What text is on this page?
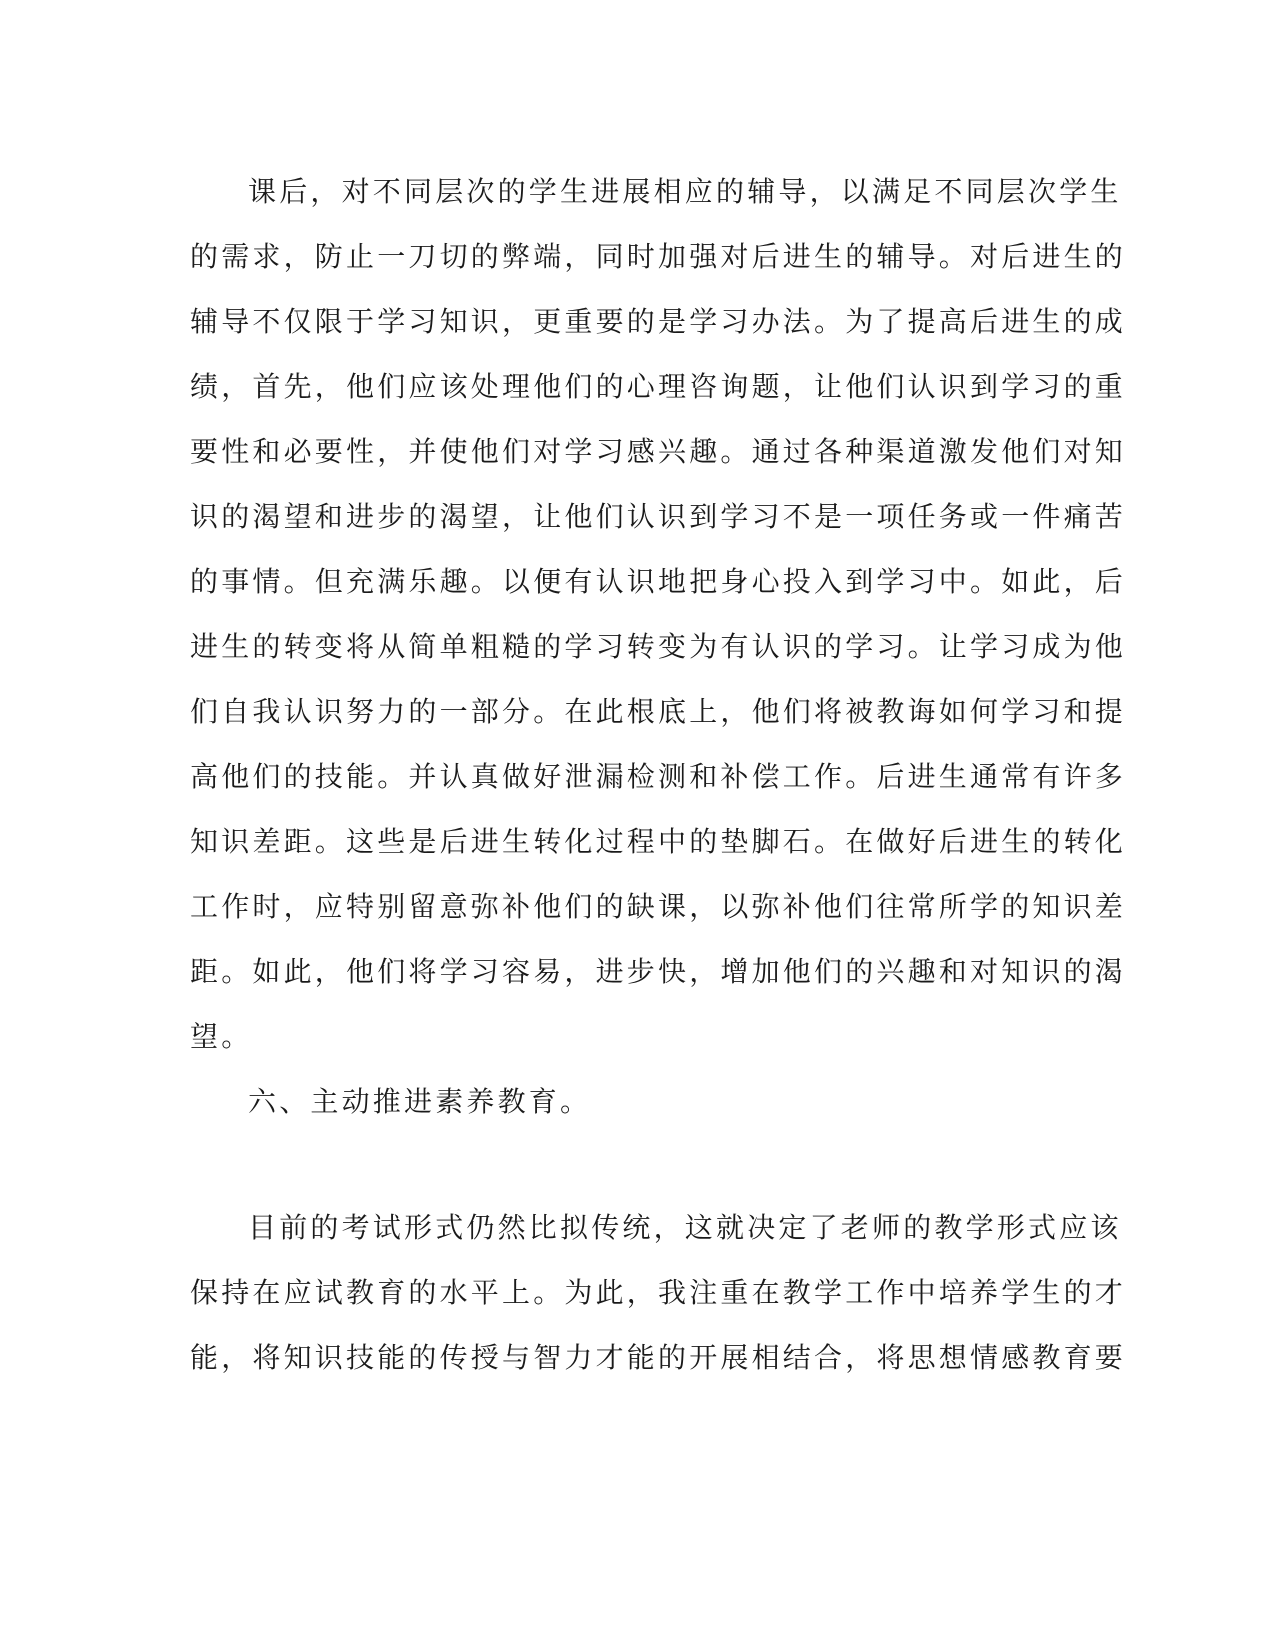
课后，对不同层次的学生进展相应的辅导，以满足不同层次学生
的需求，防止一刀切的弊端，同时加强对后进生的辅导。对后进生的
辅导不仅限于学习知识，更重要的是学习办法。为了提高后进生的成
绩，首先，他们应该处理他们的心理咨询题，让他们认识到学习的重
要性和必要性，并使他们对学习感兴趣。通过各种渠道激发他们对知
识的渴望和进步的渴望，让他们认识到学习不是一项任务或一件痛苦
的事情。但充满乐趣。以便有认识地把身心投入到学习中。如此，后
进生的转变将从简单粗糙的学习转变为有认识的学习。让学习成为他
们自我认识努力的一部分。在此根底上，他们将被教诲如何学习和提
高他们的技能。并认真做好泄漏检测和补偿工作。后进生通常有许多
知识差距。这些是后进生转化过程中的垫脚石。在做好后进生的转化
工作时，应特别留意弥补他们的缺课，以弥补他们往常所学的知识差
距。如此，他们将学习容易，进步快，增加他们的兴趣和对知识的渴
望。
六、主动推进素养教育。
目前的考试形式仍然比拟传统，这就决定了老师的教学形式应该
保持在应试教育的水平上。为此，我注重在教学工作中培养学生的才
能，将知识技能的传授与智力才能的开展相结合，将思想情感教育要
